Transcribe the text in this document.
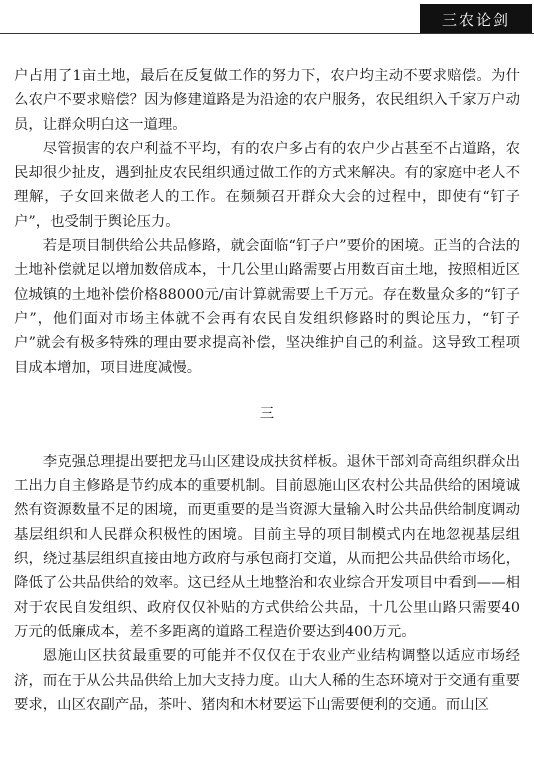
三农论剑

户占用了1亩土地，最后在反复做工作的努力下，农户均主动不要求赔偿。为什么农户不要求赔偿？因为修建道路是为沿途的农户服务，农民组织入千家万户动员，让群众明白这一道理。

尽管损害的农户利益不平均，有的农户多占有的农户少占甚至不占道路，农民却很少扯皮，遇到扯皮农民组织通过做工作的方式来解决。有的家庭中老人不理解，子女回来做老人的工作。在频频召开群众大会的过程中，即使有“钉子户”，也受制于舆论压力。

若是项目制供给公共品修路，就会面临“钉子户”要价的困境。正当的合法的土地补偿就足以增加数倍成本，十几公里山路需要占用数百亩土地，按照相近区位城镇的土地补偿价格88000元/亩计算就需要上千万元。存在数量众多的“钉子户”，他们面对市场主体就不会再有农民自发组织修路时的舆论压力，“钉子户”就会有极多特殊的理由要求提高补偿，坚决维护自己的利益。这导致工程项目成本增加，项目进度减慢。

三

李克强总理提出要把龙马山区建设成扶贫样板。退休干部刘奇高组织群众出工出力自主修路是节约成本的重要机制。目前恩施山区农村公共品供给的困境诚然有资源数量不足的困境，而更重要的是当资源大量输入时公共品供给制度调动基层组织和人民群众积极性的困境。目前主导的项目制模式内在地忽视基层组织，绕过基层组织直接由地方政府与承包商打交道，从而把公共品供给市场化，降低了公共品供给的效率。这已经从土地整治和农业综合开发项目中看到——相对于农民自发组织、政府仅仅补贴的方式供给公共品，十几公里山路只需要40万元的低廉成本，差不多距离的道路工程造价要达到400万元。

恩施山区扶贫最重要的可能并不仅仅在于农业产业结构调整以适应市场经济，而在于从公共品供给上加大支持力度。山大人稀的生态环境对于交通有重要要求，山区农副产品，茶叶、猪肉和木材要运下山需要便利的交通。而山区
